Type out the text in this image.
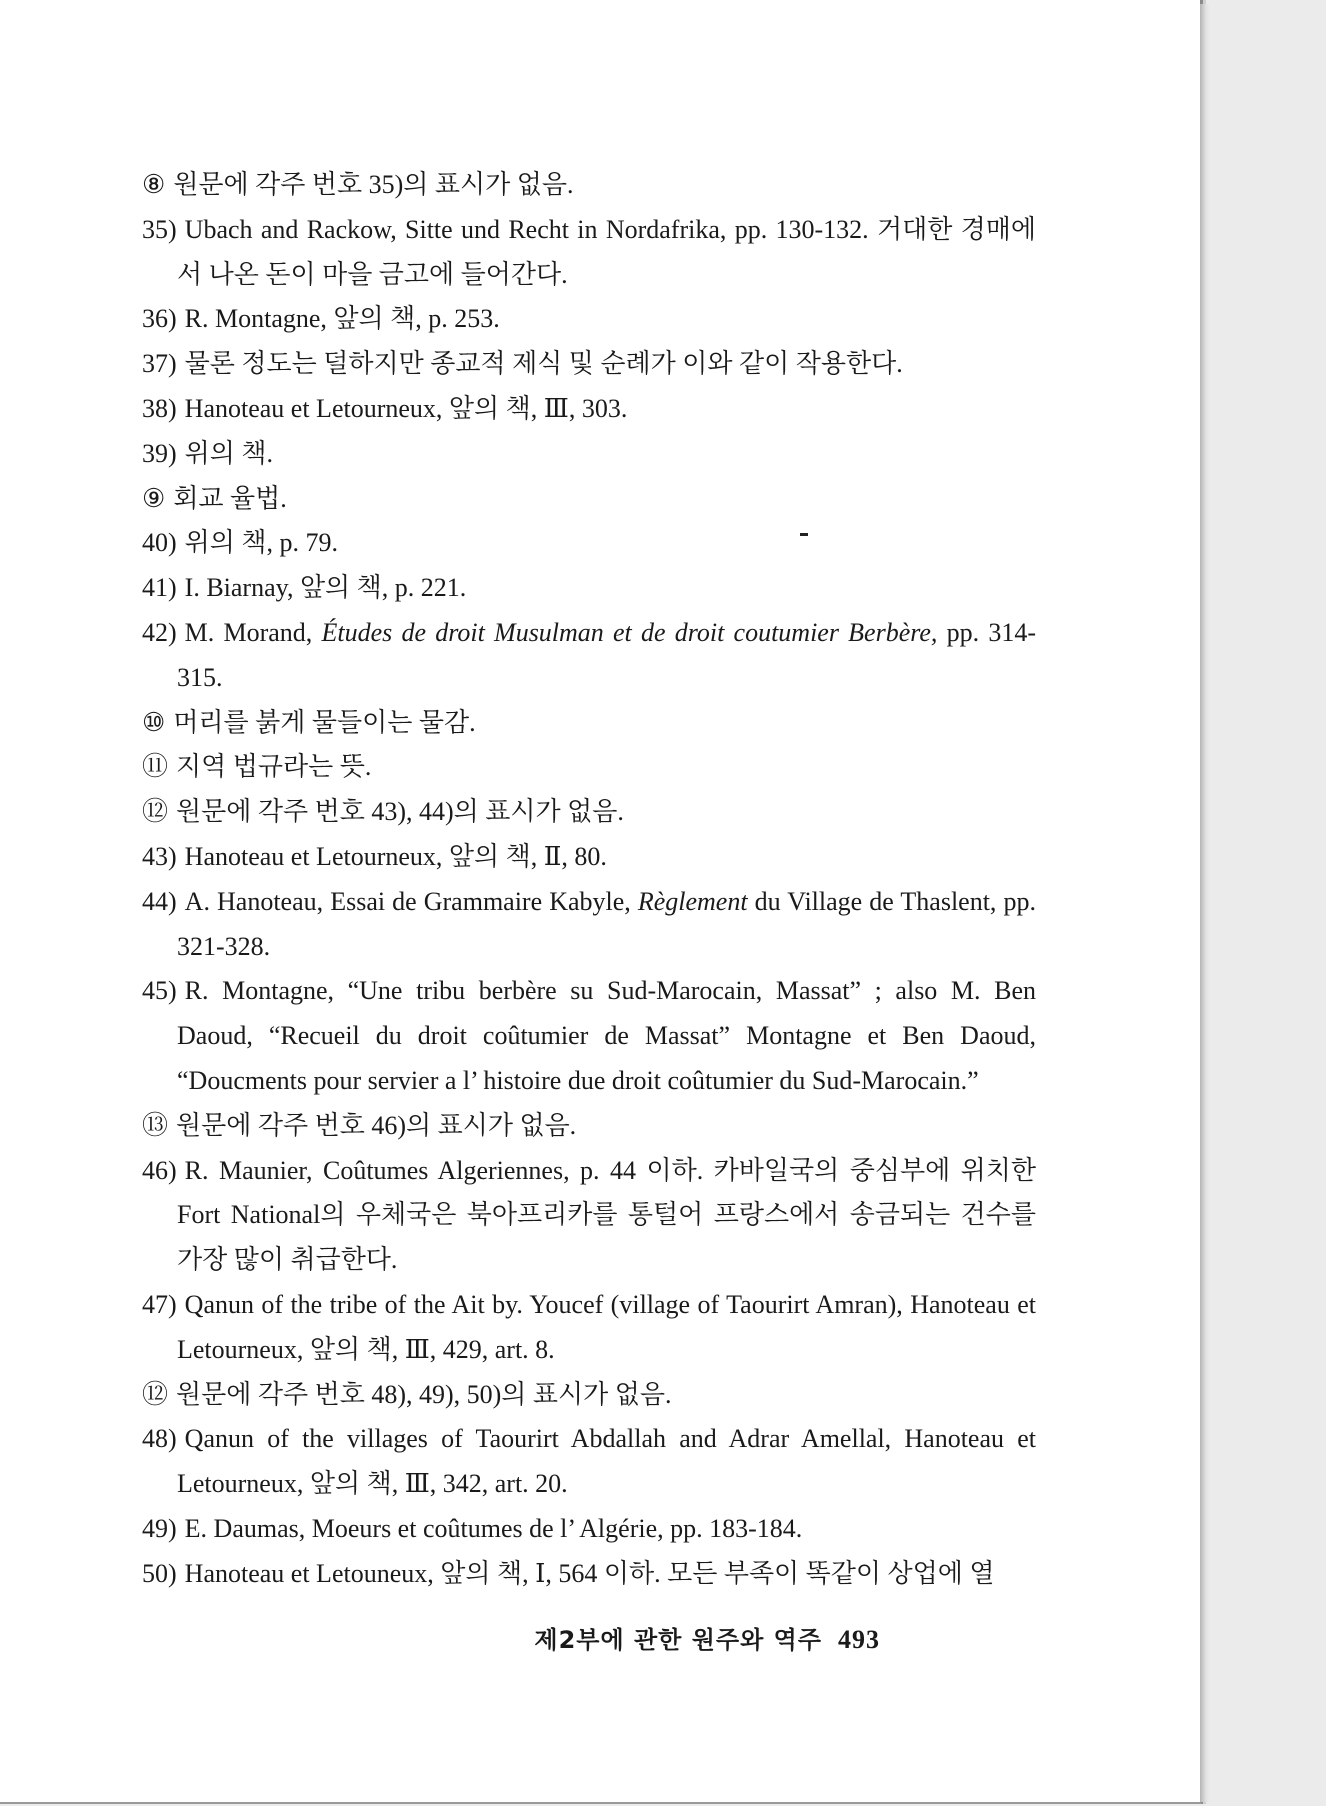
⑧ 원문에 각주 번호 35)의 표시가 없음.
35) Ubach and Rackow, Sitte und Recht in Nordafrika, pp. 130-132. 거대한 경매에서 나온 돈이 마을 금고에 들어간다.
36) R. Montagne, 앞의 책, p. 253.
37) 물론 정도는 덜하지만 종교적 제식 및 순례가 이와 같이 작용한다.
38) Hanoteau et Letourneux, 앞의 책, Ⅲ, 303.
39) 위의 책.
⑨ 회교 율법.
40) 위의 책, p. 79.
41) I. Biarnay, 앞의 책, p. 221.
42) M. Morand, Études de droit Musulman et de droit coutumier Berbère, pp. 314-315.
⑩ 머리를 붉게 물들이는 물감.
⑪ 지역 법규라는 뜻.
⑫ 원문에 각주 번호 43), 44)의 표시가 없음.
43) Hanoteau et Letourneux, 앞의 책, Ⅱ, 80.
44) A. Hanoteau, Essai de Grammaire Kabyle, Règlement du Village de Thaslent, pp. 321-328.
45) R. Montagne, “Une tribu berbère su Sud-Marocain, Massat” ; also M. Ben Daoud, “Recueil du droit coûtumier de Massat” Montagne et Ben Daoud, “Doucments pour servier a l’ histoire due droit coûtumier du Sud-Marocain.”
⑬ 원문에 각주 번호 46)의 표시가 없음.
46) R. Maunier, Coûtumes Algeriennes, p. 44 이하. 카바일국의 중심부에 위치한 Fort National의 우체국은 북아프리카를 통털어 프랑스에서 송금되는 건수를 가장 많이 취급한다.
47) Qanun of the tribe of the Ait by. Youcef (village of Taourirt Amran), Hanoteau et Letourneux, 앞의 책, Ⅲ, 429, art. 8.
⑫ 원문에 각주 번호 48), 49), 50)의 표시가 없음.
48) Qanun of the villages of Taourirt Abdallah and Adrar Amellal, Hanoteau et Letourneux, 앞의 책, Ⅲ, 342, art. 20.
49) E. Daumas, Moeurs et coûtumes de l’ Algérie, pp. 183-184.
50) Hanoteau et Letouneux, 앞의 책, Ⅰ, 564 이하. 모든 부족이 똑같이 상업에 열
제2부에 관한 원주와 역주 493
